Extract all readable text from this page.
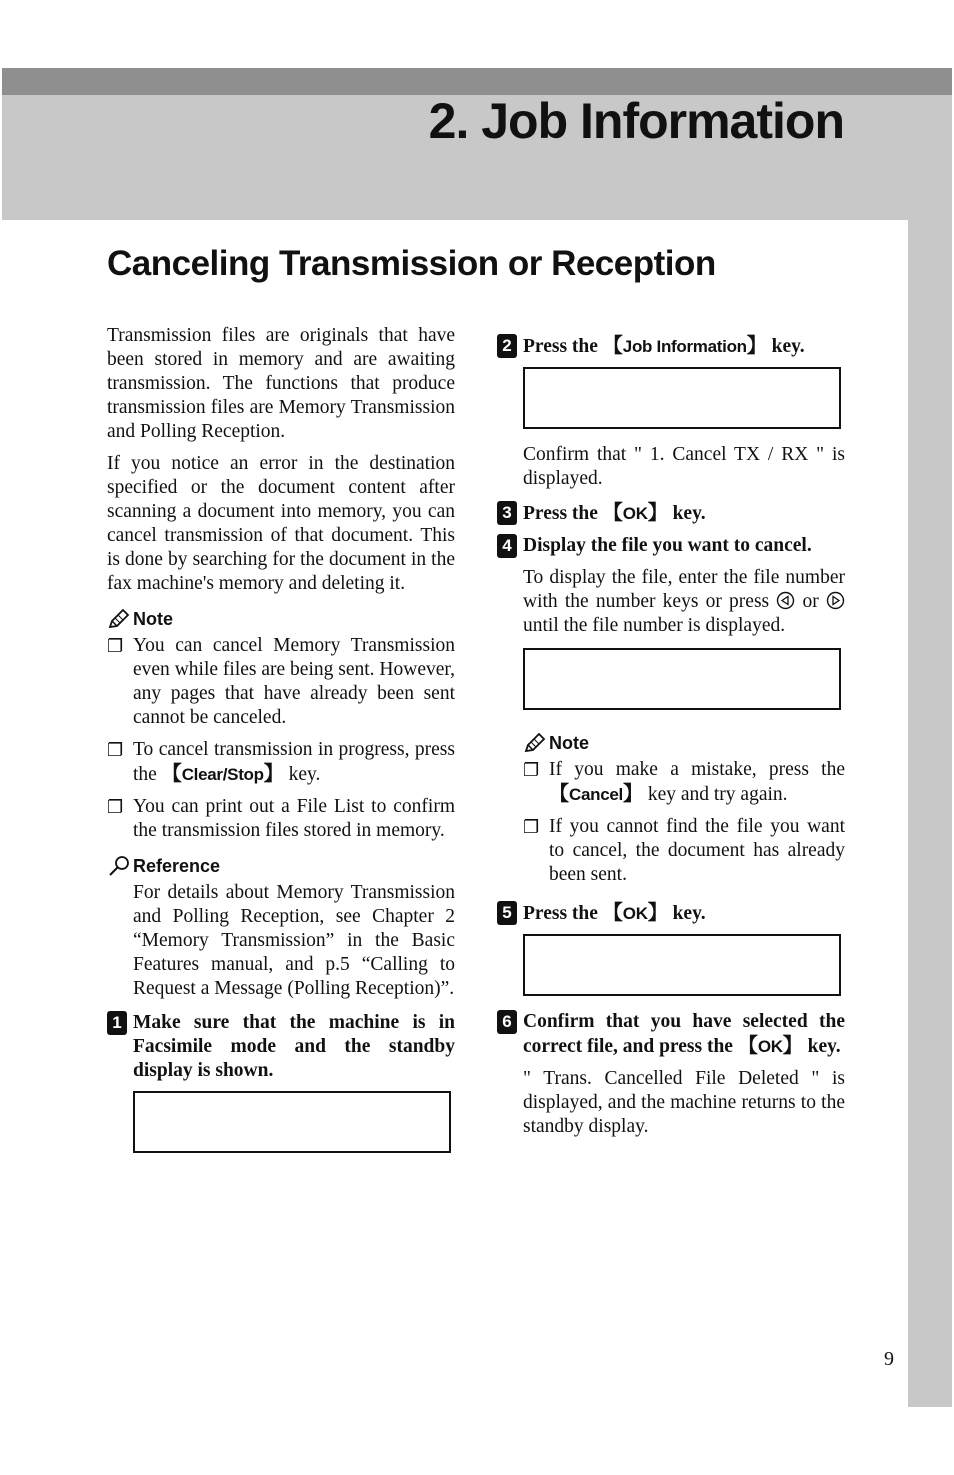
2. Job Information
Canceling Transmission or Reception

Transmission files are originals that have been stored in memory and are awaiting transmission. The functions that produce transmission files are Memory Transmission and Polling Reception.

If you notice an error in the destination specified or the document content after scanning a document into memory, you can cancel transmission of that document. This is done by searching for the document in the fax machine's memory and deleting it.

Note
❐ You can cancel Memory Transmission even while files are being sent. However, any pages that have already been sent cannot be canceled.
❐ To cancel transmission in progress, press the 【Clear/Stop】 key.
❐ You can print out a File List to confirm the transmission files stored in memory.
Reference
For details about Memory Transmission and Polling Reception, see Chapter 2 “Memory Transmission” in the Basic Features manual, and p.5 “Calling to Request a Message (Polling Reception)”.
1 Make sure that the machine is in Facsimile mode and the standby display is shown.

2 Press the 【Job Information】 key.

Confirm that " 1. Cancel TX / RX " is displayed.
3 Press the 【OK】 key.
4 Display the file you want to cancel.
To display the file, enter the file number with the number keys or press  or  until the file number is displayed.

Note
❐ If you make a mistake, press the 【Cancel】 key and try again.
❐ If you cannot find the file you want to cancel, the document has already been sent.
5 Press the 【OK】 key.

6 Confirm that you have selected the correct file, and press the 【OK】 key.
" Trans. Cancelled File Deleted " is displayed, and the machine returns to the standby display.
9
